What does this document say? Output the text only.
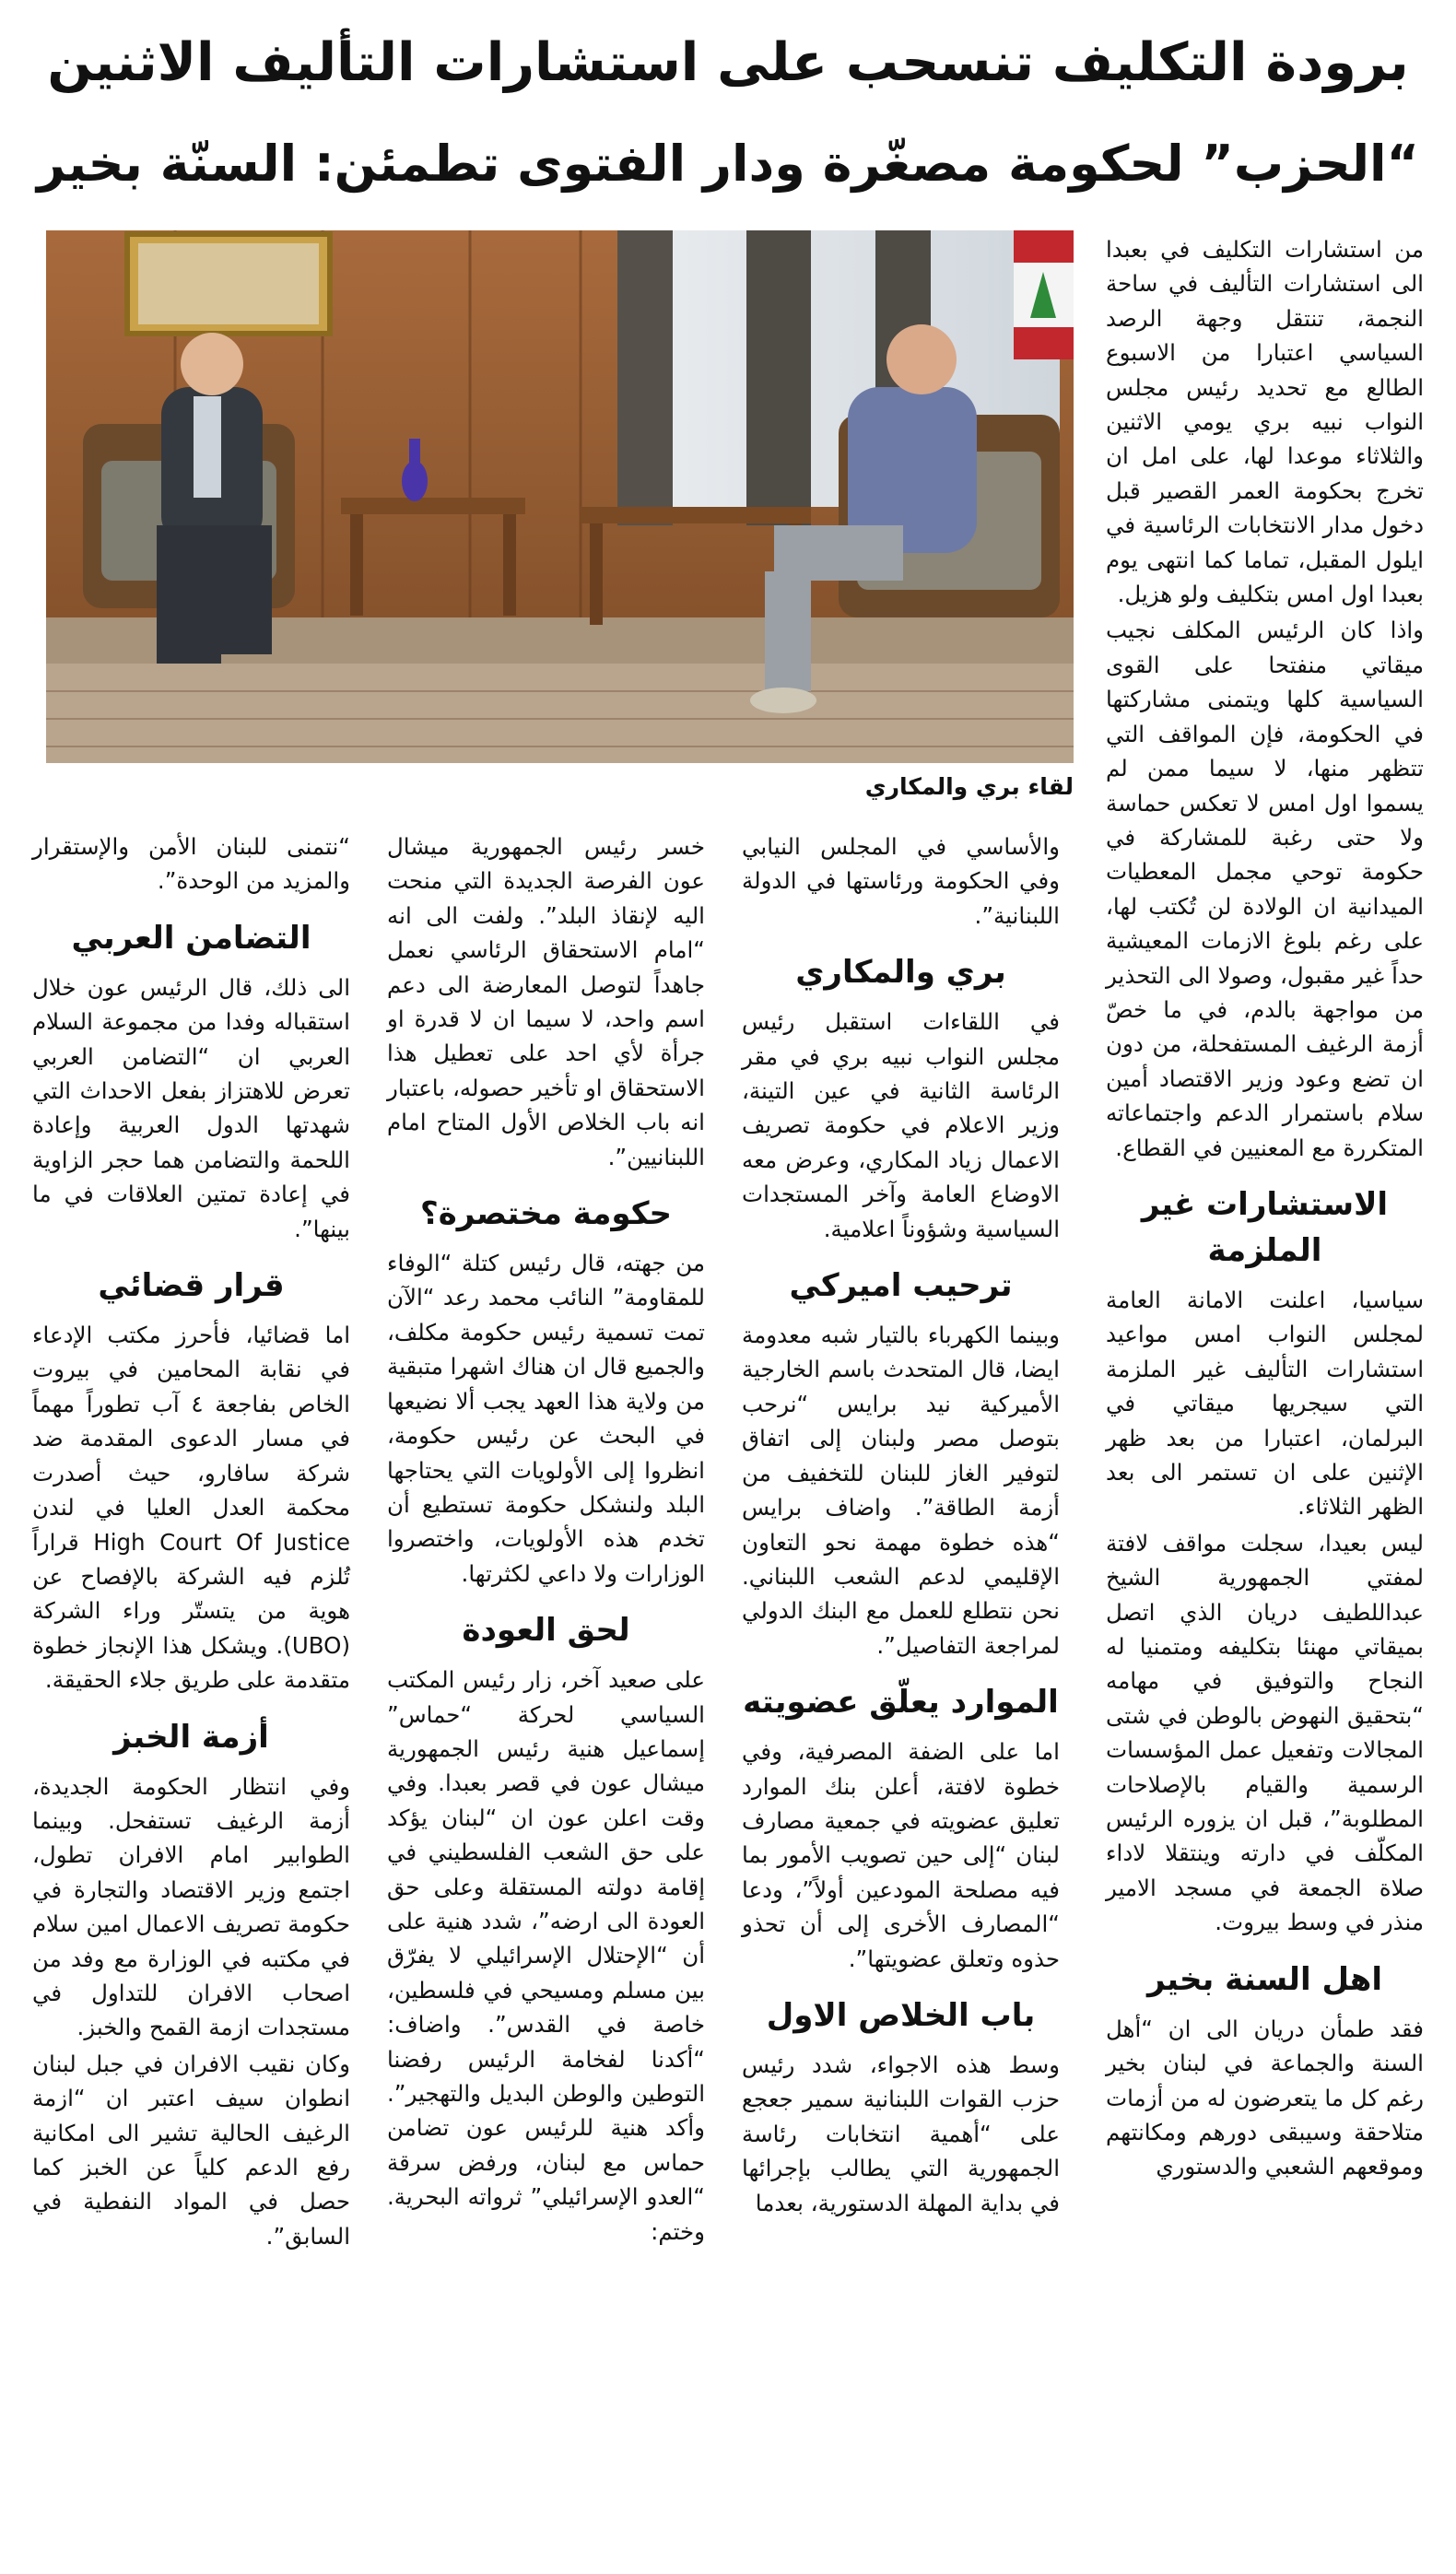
برودة التكليف تنسحب على استشارات التأليف الاثنين
“الحزب” لحكومة مصغّرة ودار الفتوى تطمئن: السنّة بخير
لقاء بري والمكاري

من استشارات التكليف في بعبدا الى استشارات التأليف في ساحة النجمة، تنتقل وجهة الرصد السياسي اعتبارا من الاسبوع الطالع مع تحديد رئيس مجلس النواب نبيه بري يومي الاثنين والثلاثاء موعدا لها، على امل ان تخرج بحكومة العمر القصير قبل دخول مدار الانتخابات الرئاسية في ايلول المقبل، تماما كما انتهى يوم بعبدا اول امس بتكليف ولو هزيل.

واذا كان الرئيس المكلف نجيب ميقاتي منفتحا على القوى السياسية كلها ويتمنى مشاركتها في الحكومة، فإن المواقف التي تتظهر منها، لا سيما ممن لم يسموا اول امس لا تعكس حماسة ولا حتى رغبة للمشاركة في حكومة توحي مجمل المعطيات الميدانية ان الولادة لن تُكتب لها، على رغم بلوغ الازمات المعيشية حداً غير مقبول، وصولا الى التحذير من مواجهة بالدم، في ما خصّ أزمة الرغيف المستفحلة، من دون ان تضع وعود وزير الاقتصاد أمين سلام باستمرار الدعم واجتماعاته المتكررة مع المعنيين في القطاع.

الاستشارات غير الملزمة

سياسيا، اعلنت الامانة العامة لمجلس النواب امس مواعيد استشارات التأليف غير الملزمة التي سيجريها ميقاتي في البرلمان، اعتبارا من بعد ظهر الإثنين على ان تستمر الى بعد الظهر الثلاثاء.

ليس بعيدا، سجلت مواقف لافتة لمفتي الجمهورية الشيخ عبداللطيف دريان الذي اتصل بميقاتي مهنئا بتكليفه ومتمنيا له النجاح والتوفيق في مهامه “بتحقيق النهوض بالوطن في شتى المجالات وتفعيل عمل المؤسسات الرسمية والقيام بالإصلاحات المطلوبة”، قبل ان يزوره الرئيس المكلّف في دارته وينتقلا لاداء صلاة الجمعة في مسجد الامير منذر في وسط بيروت.

اهل السنة بخير

فقد طمأن دريان الى ان “أهل السنة والجماعة في لبنان بخير رغم كل ما يتعرضون له من أزمات متلاحقة وسيبقى دورهم ومكانتهم وموقعهم الشعبي والدستوري

والأساسي في المجلس النيابي وفي الحكومة ورئاستها في الدولة اللبنانية”.

بري والمكاري

في اللقاءات استقبل رئيس مجلس النواب نبيه بري في مقر الرئاسة الثانية في عين التينة، وزير الاعلام في حكومة تصريف الاعمال زياد المكاري، وعرض معه الاوضاع العامة وآخر المستجدات السياسية وشؤوناً اعلامية.

ترحيب اميركي

وبينما الكهرباء بالتيار شبه معدومة ايضا، قال المتحدث باسم الخارجية الأميركية نيد برايس “نرحب بتوصل مصر ولبنان إلى اتفاق لتوفير الغاز للبنان للتخفيف من أزمة الطاقة”. واضاف برايس “هذه خطوة مهمة نحو التعاون الإقليمي لدعم الشعب اللبناني. نحن نتطلع للعمل مع البنك الدولي لمراجعة التفاصيل”.

الموارد يعلّق عضويته

اما على الضفة المصرفية، وفي خطوة لافتة، أعلن بنك الموارد تعليق عضويته في جمعية مصارف لبنان “إلى حين تصويب الأمور بما فيه مصلحة المودعين أولاً”، ودعا “المصارف الأخرى إلى أن تحذو حذوه وتعلق عضويتها”.

باب الخلاص الاول

وسط هذه الاجواء، شدد رئيس حزب القوات اللبنانية سمير جعجع على “أهمية انتخابات رئاسة الجمهورية التي يطالب بإجرائها في بداية المهلة الدستورية، بعدما

خسر رئيس الجمهورية ميشال عون الفرصة الجديدة التي منحت اليه لإنقاذ البلد”. ولفت الى انه “امام الاستحقاق الرئاسي نعمل جاهداً لتوصل المعارضة الى دعم اسم واحد، لا سيما ان لا قدرة او جرأة لأي احد على تعطيل هذا الاستحقاق او تأخير حصوله، باعتبار انه باب الخلاص الأول المتاح امام اللبنانيين”.

حكومة مختصرة؟

من جهته، قال رئيس كتلة “الوفاء للمقاومة” النائب محمد رعد “الآن تمت تسمية رئيس حكومة مكلف، والجميع قال ان هناك اشهرا متبقية من ولاية هذا العهد يجب ألا نضيعها في البحث عن رئيس حكومة، انظروا إلى الأولويات التي يحتاجها البلد ولنشكل حكومة تستطيع أن تخدم هذه الأولويات، واختصروا الوزارات ولا داعي لكثرتها.

لحق العودة

على صعيد آخر، زار رئيس المكتب السياسي لحركة “حماس” إسماعيل هنية رئيس الجمهورية ميشال عون في قصر بعبدا. وفي وقت اعلن عون ان “لبنان يؤكد على حق الشعب الفلسطيني في إقامة دولته المستقلة وعلى حق العودة الى ارضه”، شدد هنية على أن “الإحتلال الإسرائيلي لا يفرّق بين مسلم ومسيحي في فلسطين، خاصة في القدس”. واضاف: “أكدنا لفخامة الرئيس رفضنا التوطين والوطن البديل والتهجير”. وأكد هنية للرئيس عون تضامن حماس مع لبنان، ورفض سرقة “العدو الإسرائيلي” ثرواته البحرية. وختم:

“نتمنى للبنان الأمن والإستقرار والمزيد من الوحدة”.

التضامن العربي

الى ذلك، قال الرئيس عون خلال استقباله وفدا من مجموعة السلام العربي ان “التضامن العربي تعرض للاهتزاز بفعل الاحداث التي شهدتها الدول العربية وإعادة اللحمة والتضامن هما حجر الزاوية في إعادة تمتين العلاقات في ما بينها”.

قرار قضائي

اما قضائيا، فأحرز مكتب الإدعاء في نقابة المحامين في بيروت الخاص بفاجعة ٤ آب تطوراً مهماً في مسار الدعوى المقدمة ضد شركة سافارو، حيث أصدرت محكمة العدل العليا في لندن High Court Of Justice قراراً تُلزم فيه الشركة بالإفصاح عن هوية من يتستّر وراء الشركة (UBO). ويشكل هذا الإنجاز خطوة متقدمة على طريق جلاء الحقيقة.

أزمة الخبز

وفي انتظار الحكومة الجديدة، أزمة الرغيف تستفحل. وبينما الطوابير امام الافران تطول، اجتمع وزير الاقتصاد والتجارة في حكومة تصريف الاعمال امين سلام في مكتبه في الوزارة مع وفد من اصحاب الافران للتداول في مستجدات ازمة القمح والخبز.

وكان نقيب الافران في جبل لبنان انطوان سيف اعتبر ان “ازمة الرغيف الحالية تشير الى امكانية رفع الدعم كلياً عن الخبز كما حصل في المواد النفطية في السابق”.
